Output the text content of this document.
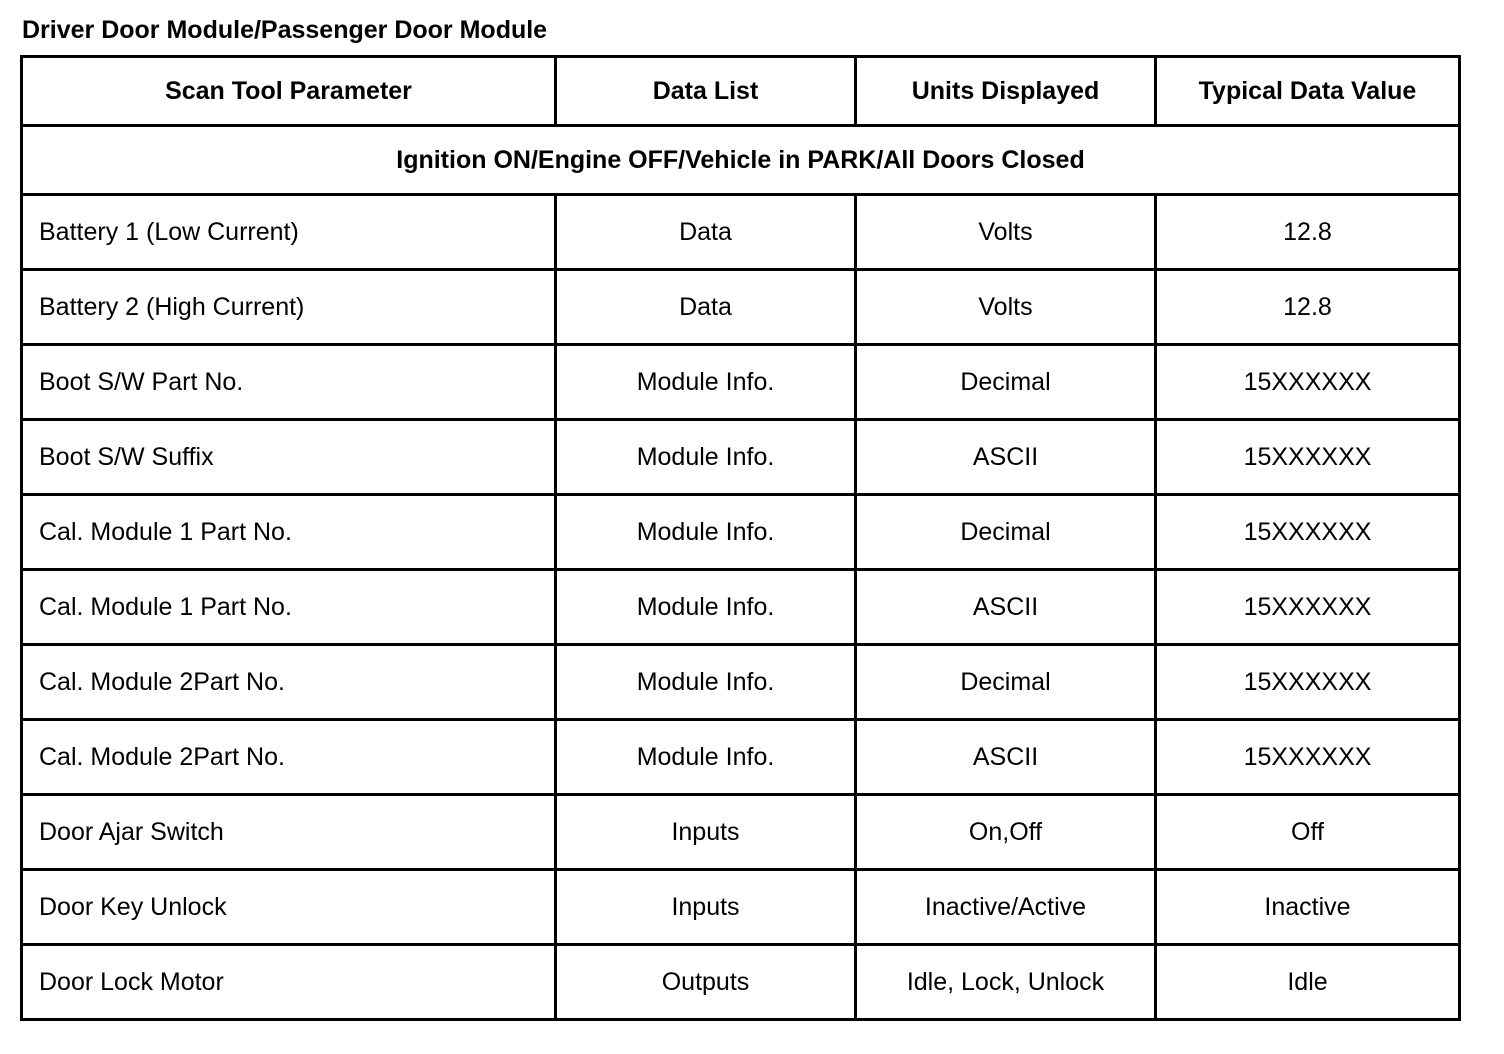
Driver Door Module/Passenger Door Module
Scan Tool Parameter	Data List	Units Displayed	Typical Data Value
Ignition ON/Engine OFF/Vehicle in PARK/All Doors Closed			
Battery 1 (Low Current)	Data	Volts	12.8
Battery 2 (High Current)	Data	Volts	12.8
Boot S/W Part No.	Module Info.	Decimal	15XXXXXX
Boot S/W Suffix	Module Info.	ASCII	15XXXXXX
Cal. Module 1 Part No.	Module Info.	Decimal	15XXXXXX
Cal. Module 1 Part No.	Module Info.	ASCII	15XXXXXX
Cal. Module 2Part No.	Module Info.	Decimal	15XXXXXX
Cal. Module 2Part No.	Module Info.	ASCII	15XXXXXX
Door Ajar Switch	Inputs	On,Off	Off
Door Key Unlock	Inputs	Inactive/Active	Inactive
Door Lock Motor	Outputs	Idle, Lock, Unlock	Idle
